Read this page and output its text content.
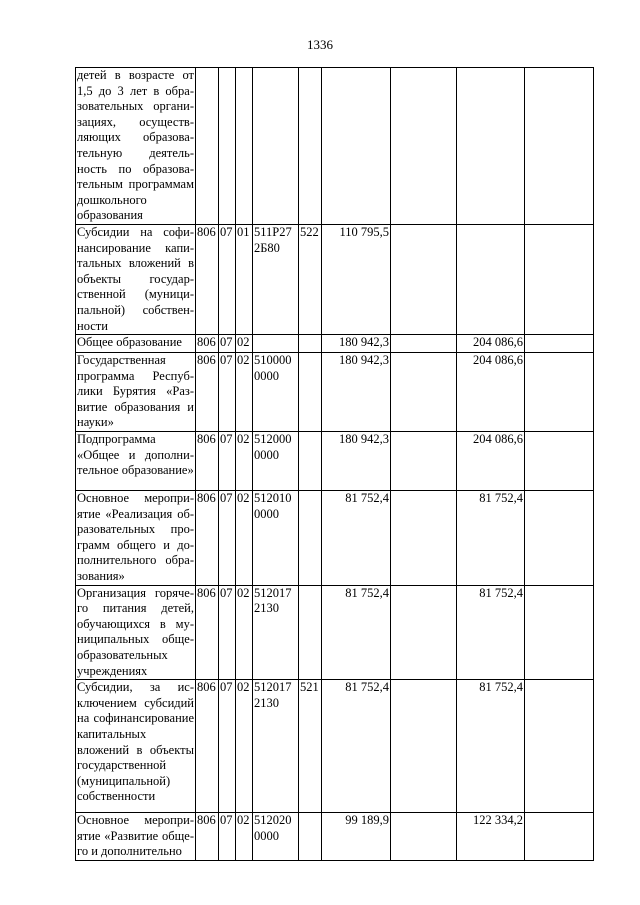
1336
детей в возрасте от 1,5 до 3 лет в образовательных организациях, осуществляющих образовательную деятельность по образовательным программам дошкольного образования									
Субсидии на софинансирование капитальных вложений в объекты государственной (муниципальной) собственности	806	07	01	511P27 2Б80	522	110 795,5			
Общее образование	806	07	02			180 942,3		204 086,6	
Государственная программа Республики Бурятия «Развитие образования и науки»	806	07	02	510000 0000		180 942,3		204 086,6	
Подпрограмма «Общее и дополнительное образование»	806	07	02	512000 0000		180 942,3		204 086,6	
Основное мероприятие «Реализация образовательных программ общего и дополнительного образования»	806	07	02	512010 0000		81 752,4		81 752,4	
Организация горячего питания детей, обучающихся в муниципальных общеобразовательных учреждениях	806	07	02	512017 2130		81 752,4		81 752,4	
Субсидии, за исключением субсидий на софинансирование капитальных вложений в объекты государственной (муниципальной) собственности	806	07	02	512017 2130	521	81 752,4		81 752,4	
Основное мероприятие «Развитие общего и дополнительно	806	07	02	512020 0000		99 189,9		122 334,2	
